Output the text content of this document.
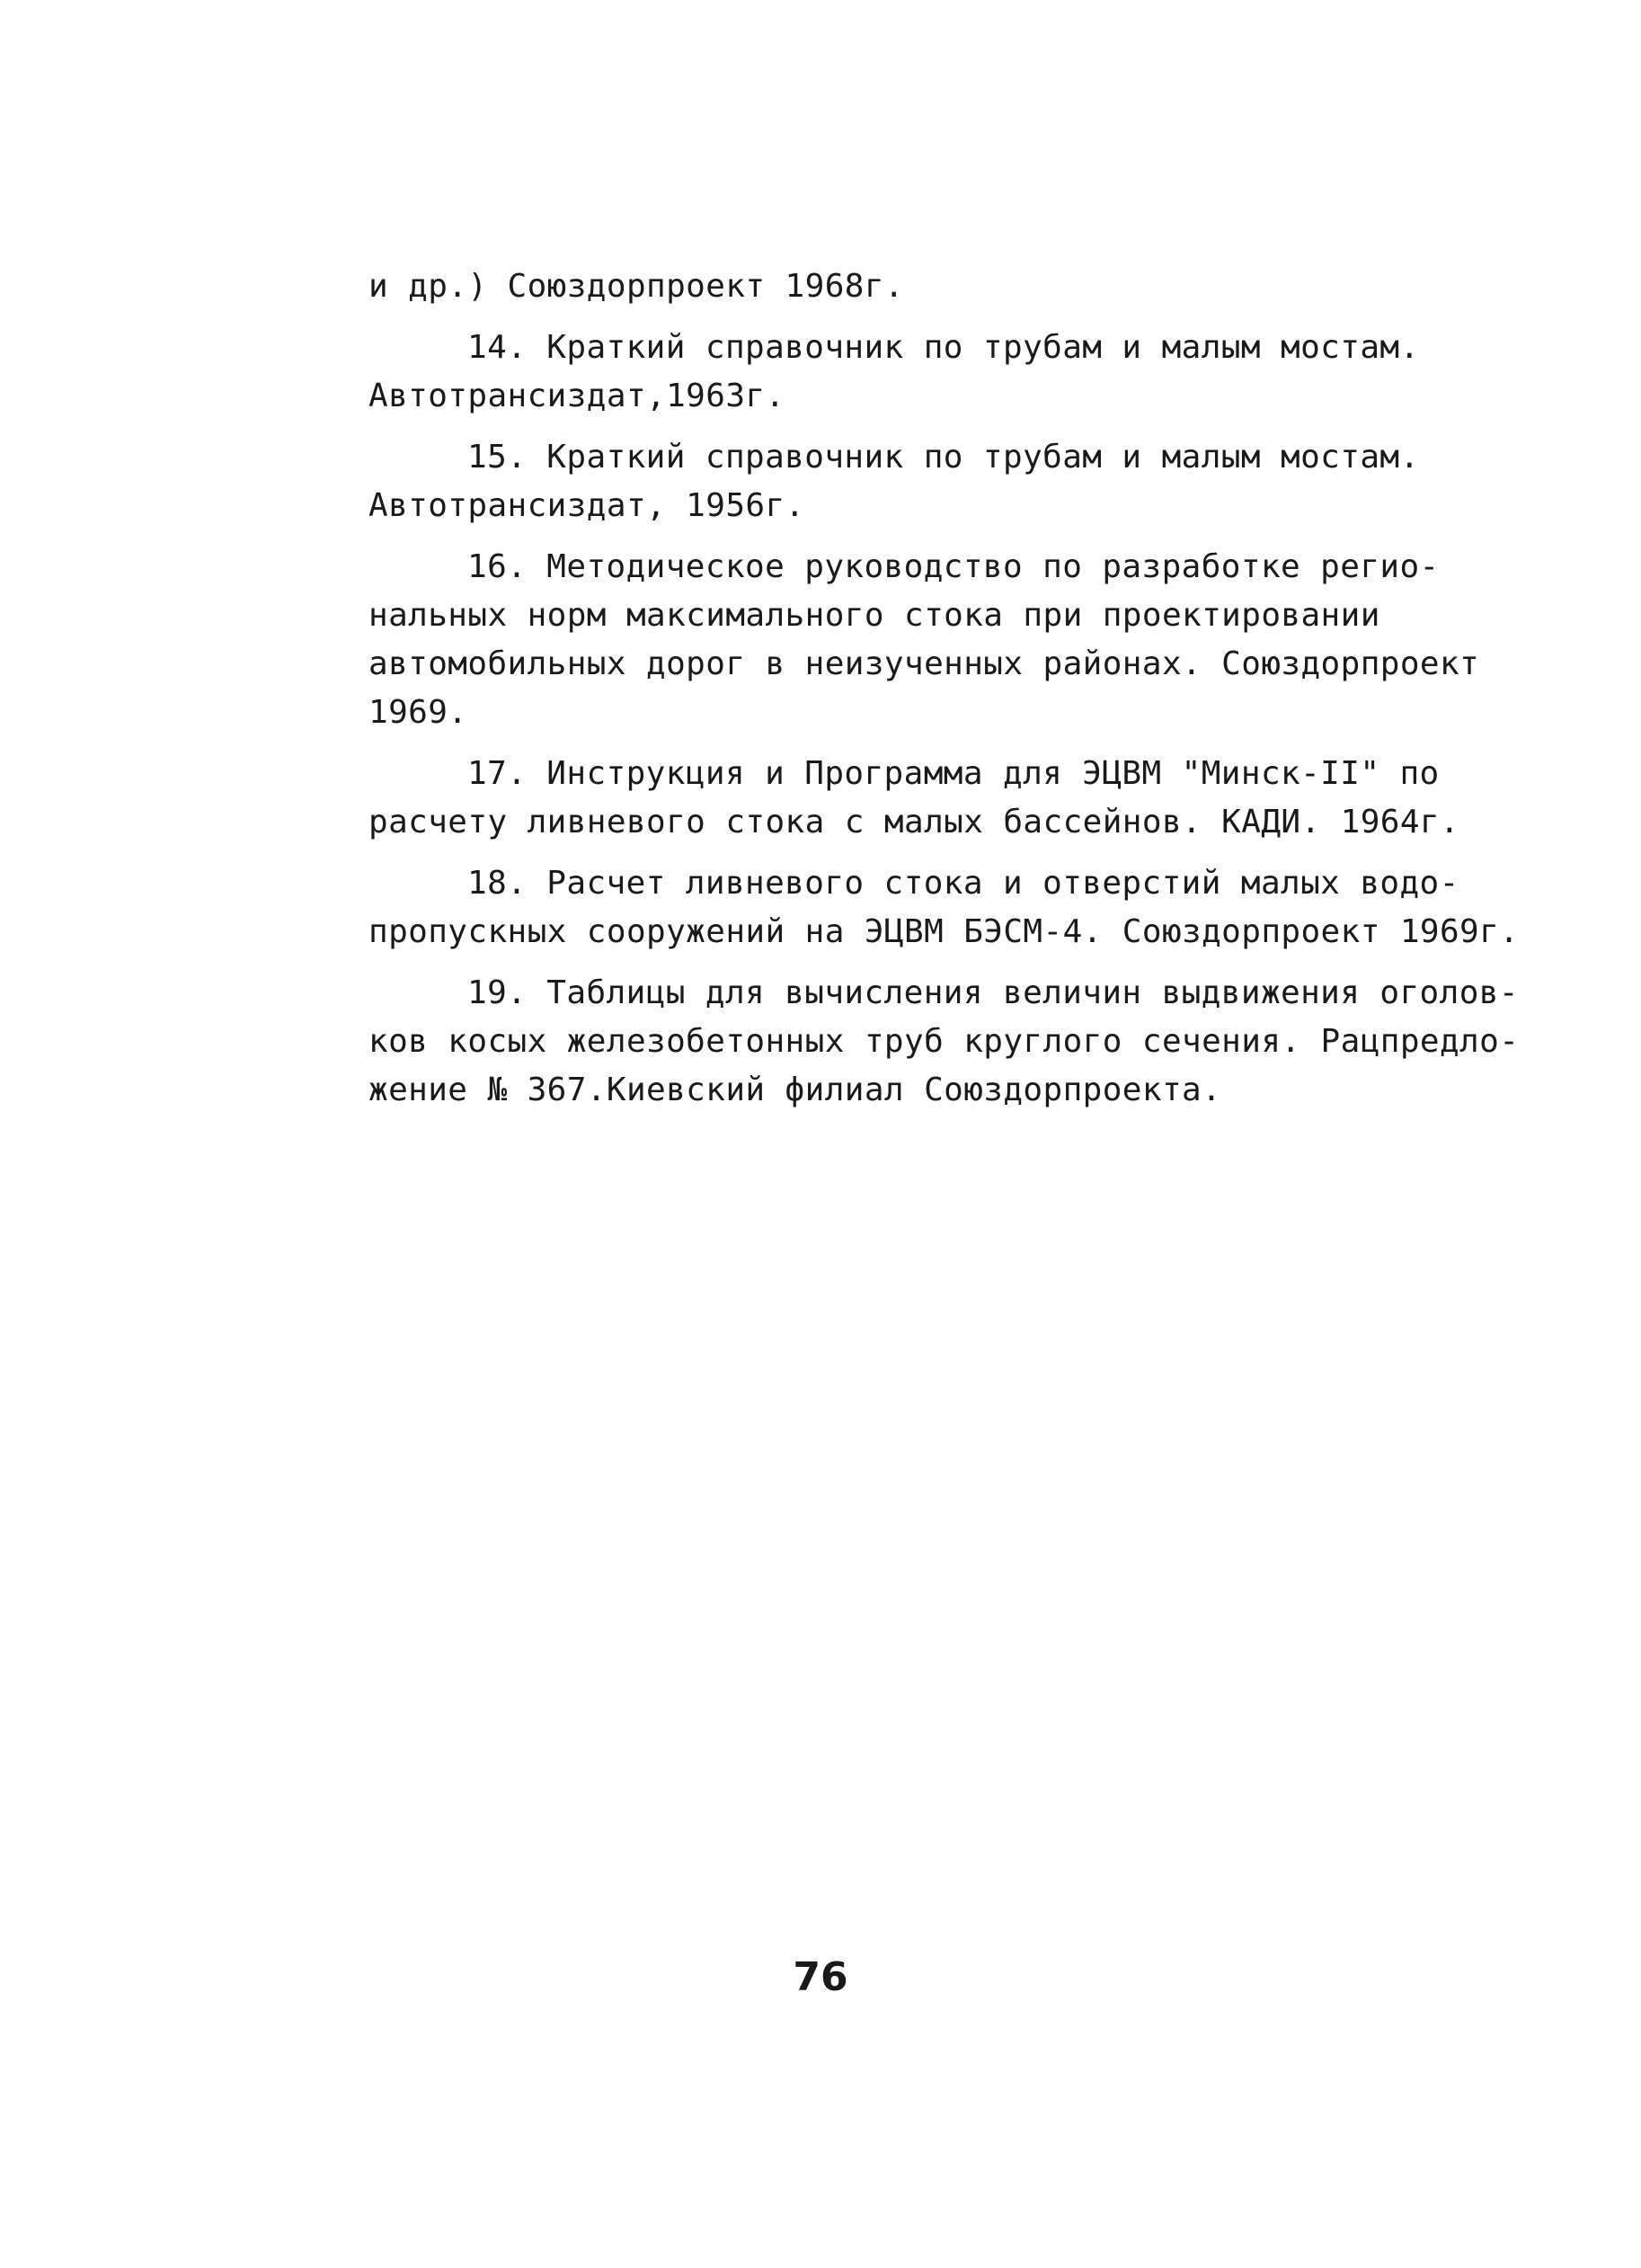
и др.) Союздорпроект 1968г.
14. Краткий справочник по трубам и малым мостам.
Автотрансиздат,1963г.
15. Краткий справочник по трубам и малым мостам.
Автотрансиздат, 1956г.
16. Методическое руководство по разработке регио-
нальных норм максимального стока при проектировании
автомобильных дорог в неизученных районах. Союздорпроект
1969.
17. Инструкция и Программа для ЭЦВМ "Минск-II" по
расчету ливневого стока с малых бассейнов. КАДИ. 1964г.
18. Расчет ливневого стока и отверстий малых водо-
пропускных сооружений на ЭЦВМ БЭСМ-4. Союздорпроект 1969г.
19. Таблицы для вычисления величин выдвижения оголов-
ков косых железобетонных труб круглого сечения. Рацпредло-
жение № 367.Киевский филиал Союздорпроекта.
76
